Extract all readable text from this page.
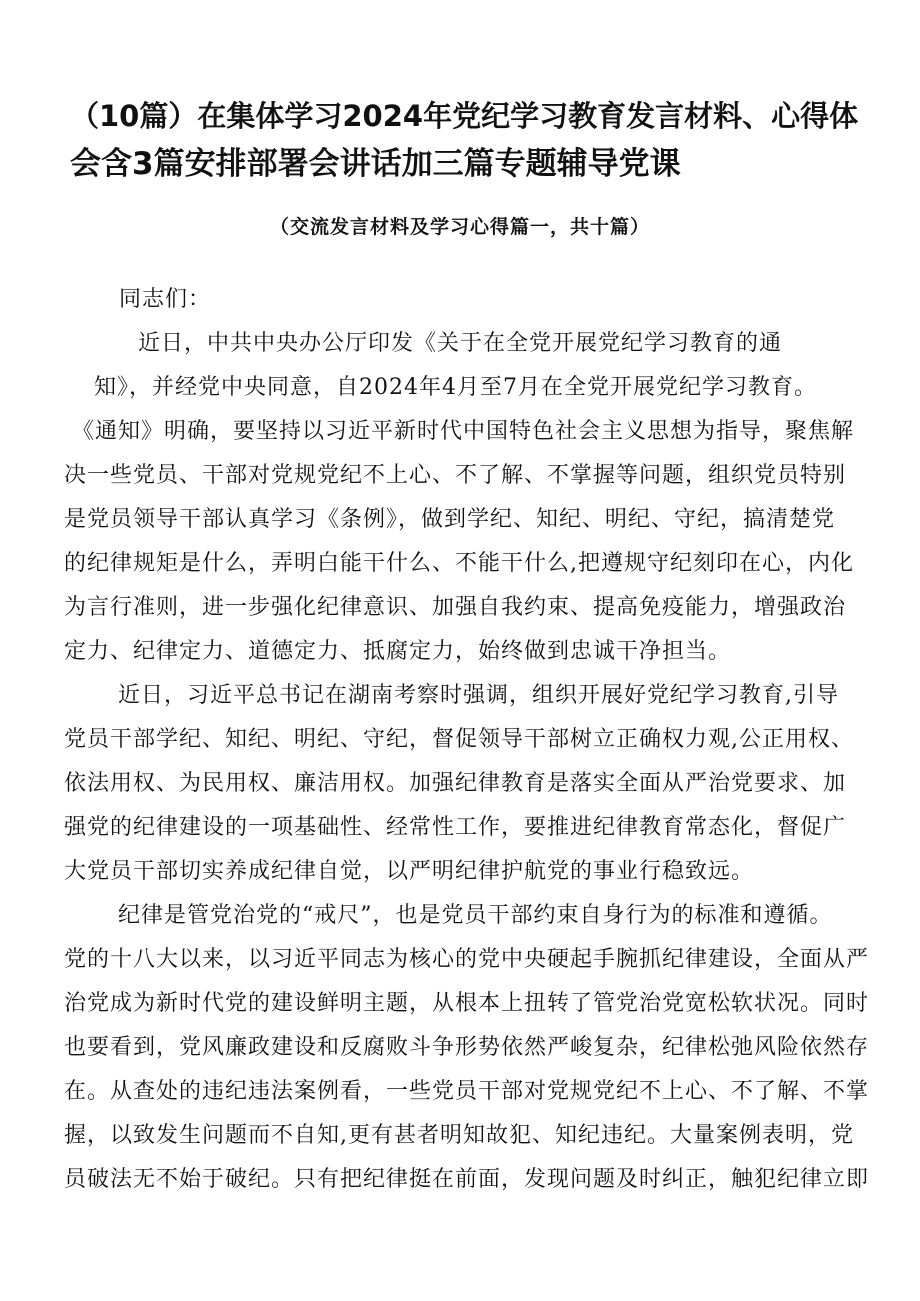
（10篇）在集体学习2024年党纪学习教育发言材料、心得体
会含3篇安排部署会讲话加三篇专题辅导党课

（交流发言材料及学习心得篇一，共十篇）

同志们：
近日，中共中央办公厅印发《关于在全党开展党纪学习教育的通
知》，并经党中央同意，自2024年4月至7月在全党开展党纪学习教育。
《通知》明确，要坚持以习近平新时代中国特色社会主义思想为指导，聚焦解
决一些党员、干部对党规党纪不上心、不了解、不掌握等问题，组织党员特别
是党员领导干部认真学习《条例》，做到学纪、知纪、明纪、守纪，搞清楚党
的纪律规矩是什么，弄明白能干什么、不能干什么,把遵规守纪刻印在心，内化
为言行准则，进一步强化纪律意识、加强自我约束、提高免疫能力，增强政治
定力、纪律定力、道德定力、抵腐定力，始终做到忠诚干净担当。
近日，习近平总书记在湖南考察时强调，组织开展好党纪学习教育,引导
党员干部学纪、知纪、明纪、守纪，督促领导干部树立正确权力观,公正用权、
依法用权、为民用权、廉洁用权。加强纪律教育是落实全面从严治党要求、加
强党的纪律建设的一项基础性、经常性工作，要推进纪律教育常态化，督促广
大党员干部切实养成纪律自觉，以严明纪律护航党的事业行稳致远。
纪律是管党治党的“戒尺”，也是党员干部约束自身行为的标准和遵循。
党的十八大以来，以习近平同志为核心的党中央硬起手腕抓纪律建设，全面从严
治党成为新时代党的建设鲜明主题，从根本上扭转了管党治党宽松软状况。同时
也要看到，党风廉政建设和反腐败斗争形势依然严峻复杂，纪律松弛风险依然存
在。从查处的违纪违法案例看，一些党员干部对党规党纪不上心、不了解、不掌
握，以致发生问题而不自知,更有甚者明知故犯、知纪违纪。大量案例表明，党
员破法无不始于破纪。只有把纪律挺在前面，发现问题及时纠正，触犯纪律立即
